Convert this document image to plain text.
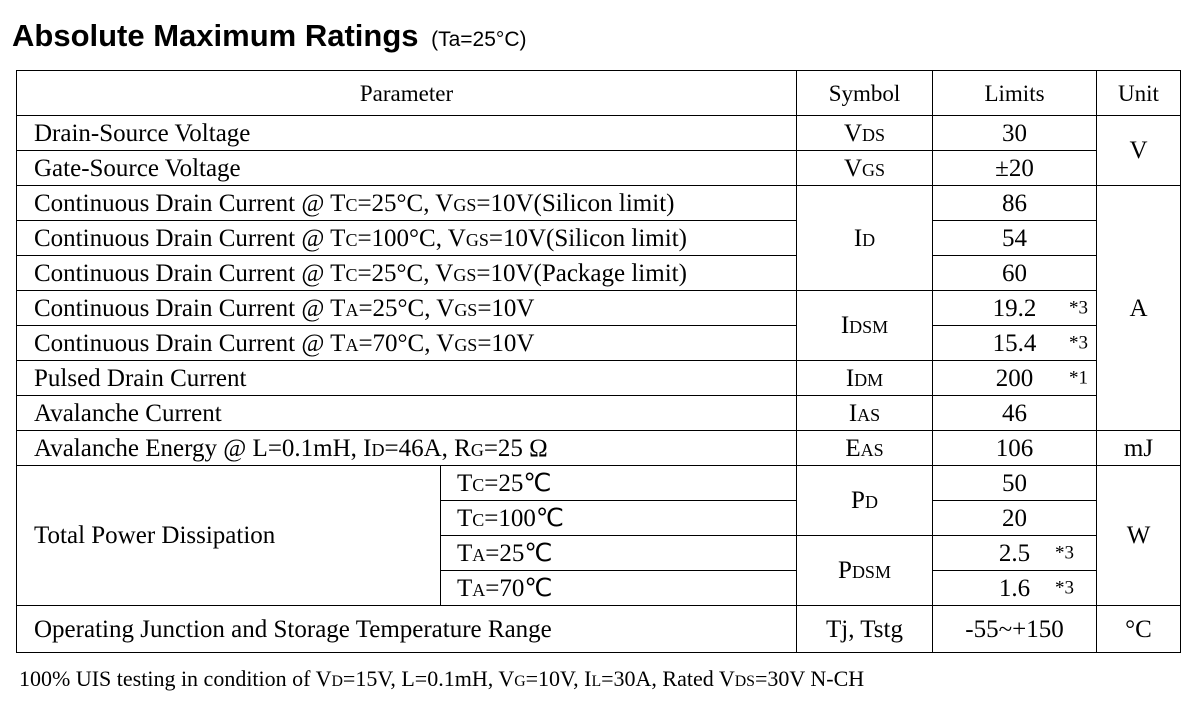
Absolute Maximum Ratings (Ta=25°C)
Parameter		Symbol	Limits	Unit
Drain-Source Voltage		VDS	30	V
Gate-Source Voltage		VGS	±20	
Continuous Drain Current @ TC=25°C, VGS=10V(Silicon limit)		ID	86	A
Continuous Drain Current @ TC=100°C, VGS=10V(Silicon limit)			54	
Continuous Drain Current @ TC=25°C, VGS=10V(Package limit)			60	
Continuous Drain Current @ TA=25°C, VGS=10V		IDSM	19.2 *3	

Continuous Drain Current @ TA=70°C, VGS=10V			15.4 *3	

Pulsed Drain Current		IDM	200 *1	

Avalanche Current		IAS	46	
Avalanche Energy @ L=0.1mH, ID=46A, RG=25 Ω		EAS	106	mJ
Total Power Dissipation	TC=25℃	PD	50	W
	TC=100℃		20	
	TA=25℃	PDSM	2.5 *3	

	TA=70℃		1.6 *3	

Operating Junction and Storage Temperature Range		Tj, Tstg	-55~+150	°C
100% UIS testing in condition of VD=15V, L=0.1mH, VG=10V, IL=30A, Rated VDS=30V N-CH
